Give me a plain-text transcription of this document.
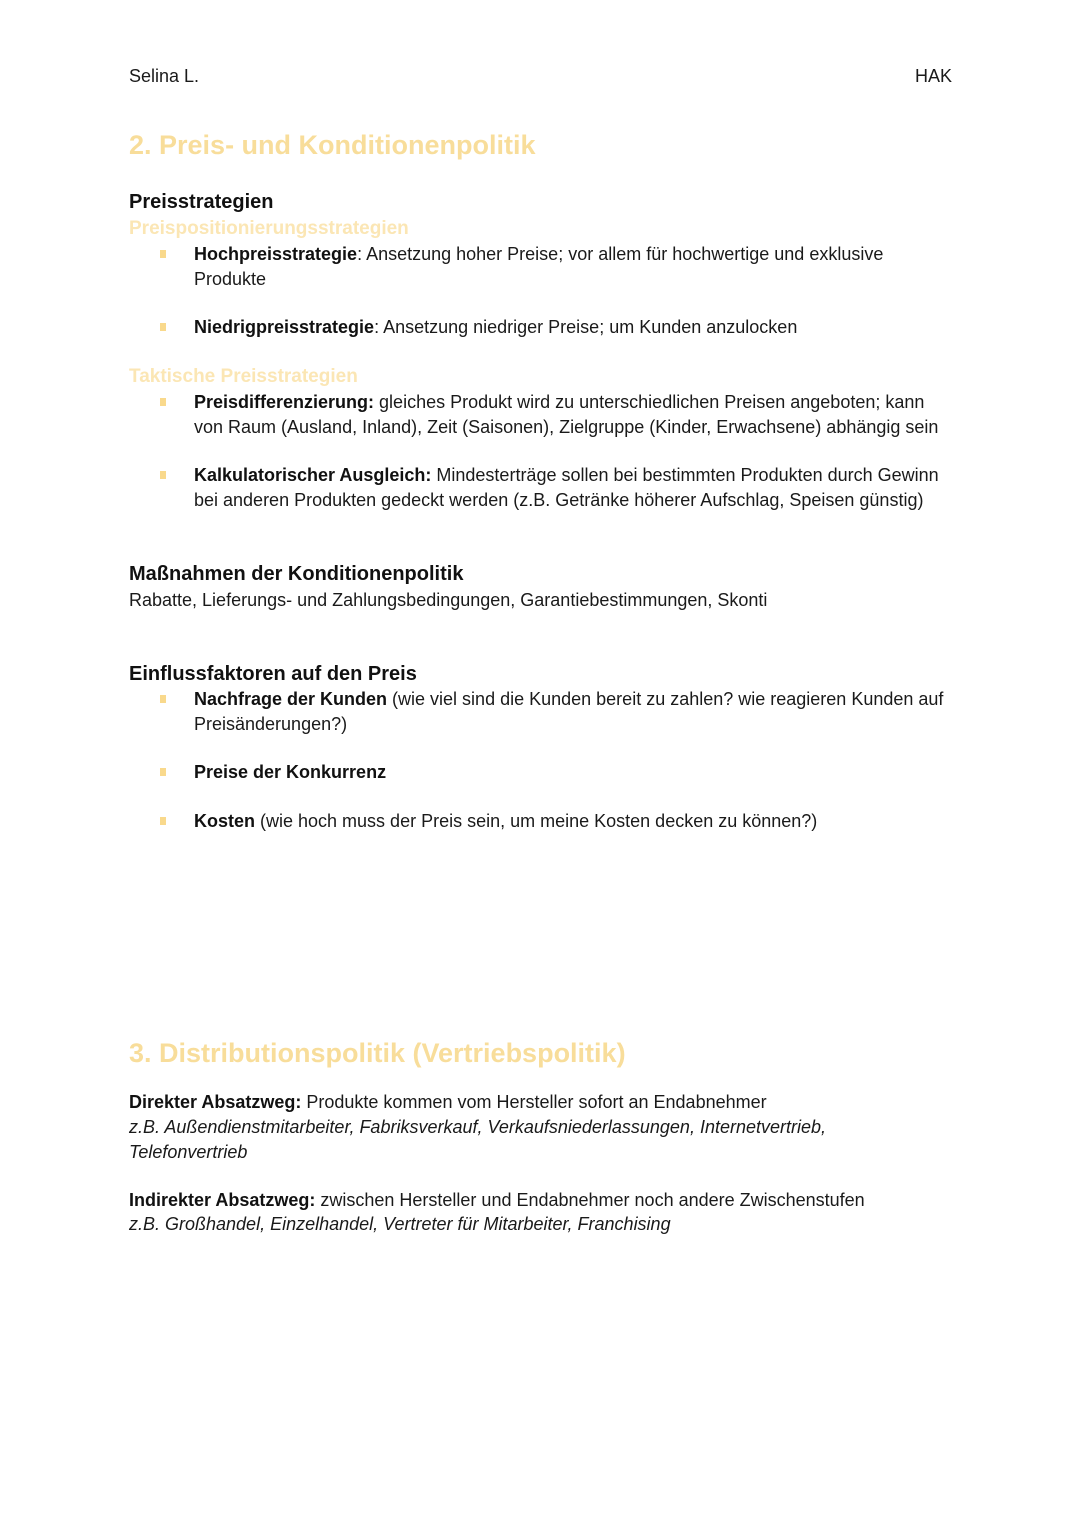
Selina L.	HAK
2. Preis- und Konditionenpolitik
Preisstrategien
Preispositionierungsstrategien
Hochpreisstrategie: Ansetzung hoher Preise; vor allem für hochwertige und exklusive Produkte
Niedrigpreisstrategie: Ansetzung niedriger Preise; um Kunden anzulocken
Taktische Preisstrategien
Preisdifferenzierung: gleiches Produkt wird zu unterschiedlichen Preisen angeboten; kann von Raum (Ausland, Inland), Zeit (Saisonen), Zielgruppe (Kinder, Erwachsene) abhängig sein
Kalkulatorischer Ausgleich: Mindesterträge sollen bei bestimmten Produkten durch Gewinn bei anderen Produkten gedeckt werden (z.B. Getränke höherer Aufschlag, Speisen günstig)
Maßnahmen der Konditionenpolitik
Rabatte, Lieferungs- und Zahlungsbedingungen, Garantiebestimmungen, Skonti
Einflussfaktoren auf den Preis
Nachfrage der Kunden (wie viel sind die Kunden bereit zu zahlen? wie reagieren Kunden auf Preisänderungen?)
Preise der Konkurrenz
Kosten (wie hoch muss der Preis sein, um meine Kosten decken zu können?)
3. Distributionspolitik (Vertriebspolitik)
Direkter Absatzweg: Produkte kommen vom Hersteller sofort an Endabnehmer
z.B. Außendienstmitarbeiter, Fabriksverkauf, Verkaufsniederlassungen, Internetvertrieb, Telefonvertrieb
Indirekter Absatzweg: zwischen Hersteller und Endabnehmer noch andere Zwischenstufen
z.B. Großhandel, Einzelhandel, Vertreter für Mitarbeiter, Franchising
